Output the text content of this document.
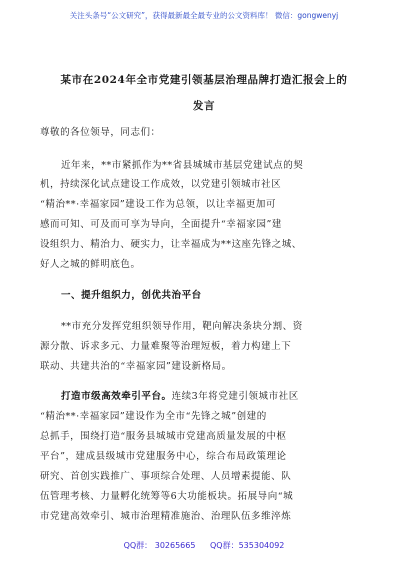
关注头条号“公文研究”，获得最新最全最专业的公文资料库！ 微信：gongwenyj
某市在2024年全市党建引领基层治理品牌打造汇报会上的
发言
尊敬的各位领导，同志们：
近年来，**市紧抓作为**省县城城市基层党建试点的契
机，持续深化试点建设工作成效，以党建引领城市社区
“精治**·幸福家园”建设工作为总领，以让幸福更加可
感而可知、可及而可享为导向，全面提升“幸福家园”建
设组织力、精治力、硬实力，让幸福成为**这座先锋之城、
好人之城的鲜明底色。
一、提升组织力，创优共治平台
**市充分发挥党组织领导作用，靶向解决条块分割、资
源分散、诉求多元、力量难聚等治理短板，着力构建上下
联动、共建共治的“幸福家园”建设新格局。
打造市级高效牵引平台。连续3年将党建引领城市社区
“精治**·幸福家园”建设作为全市“先锋之城”创建的
总抓手，围绕打造“服务县城城市党建高质量发展的中枢
平台”，建成县级城市党建服务中心，综合布局政策理论
研究、首创实践推广、事项综合处理、人员增素提能、队
伍管理考核、力量孵化统筹等6大功能板块。拓展导向“城
市党建高效牵引、城市治理精准施治、治理队伍多维淬炼
QQ群： 30265665 QQ群：535304092
